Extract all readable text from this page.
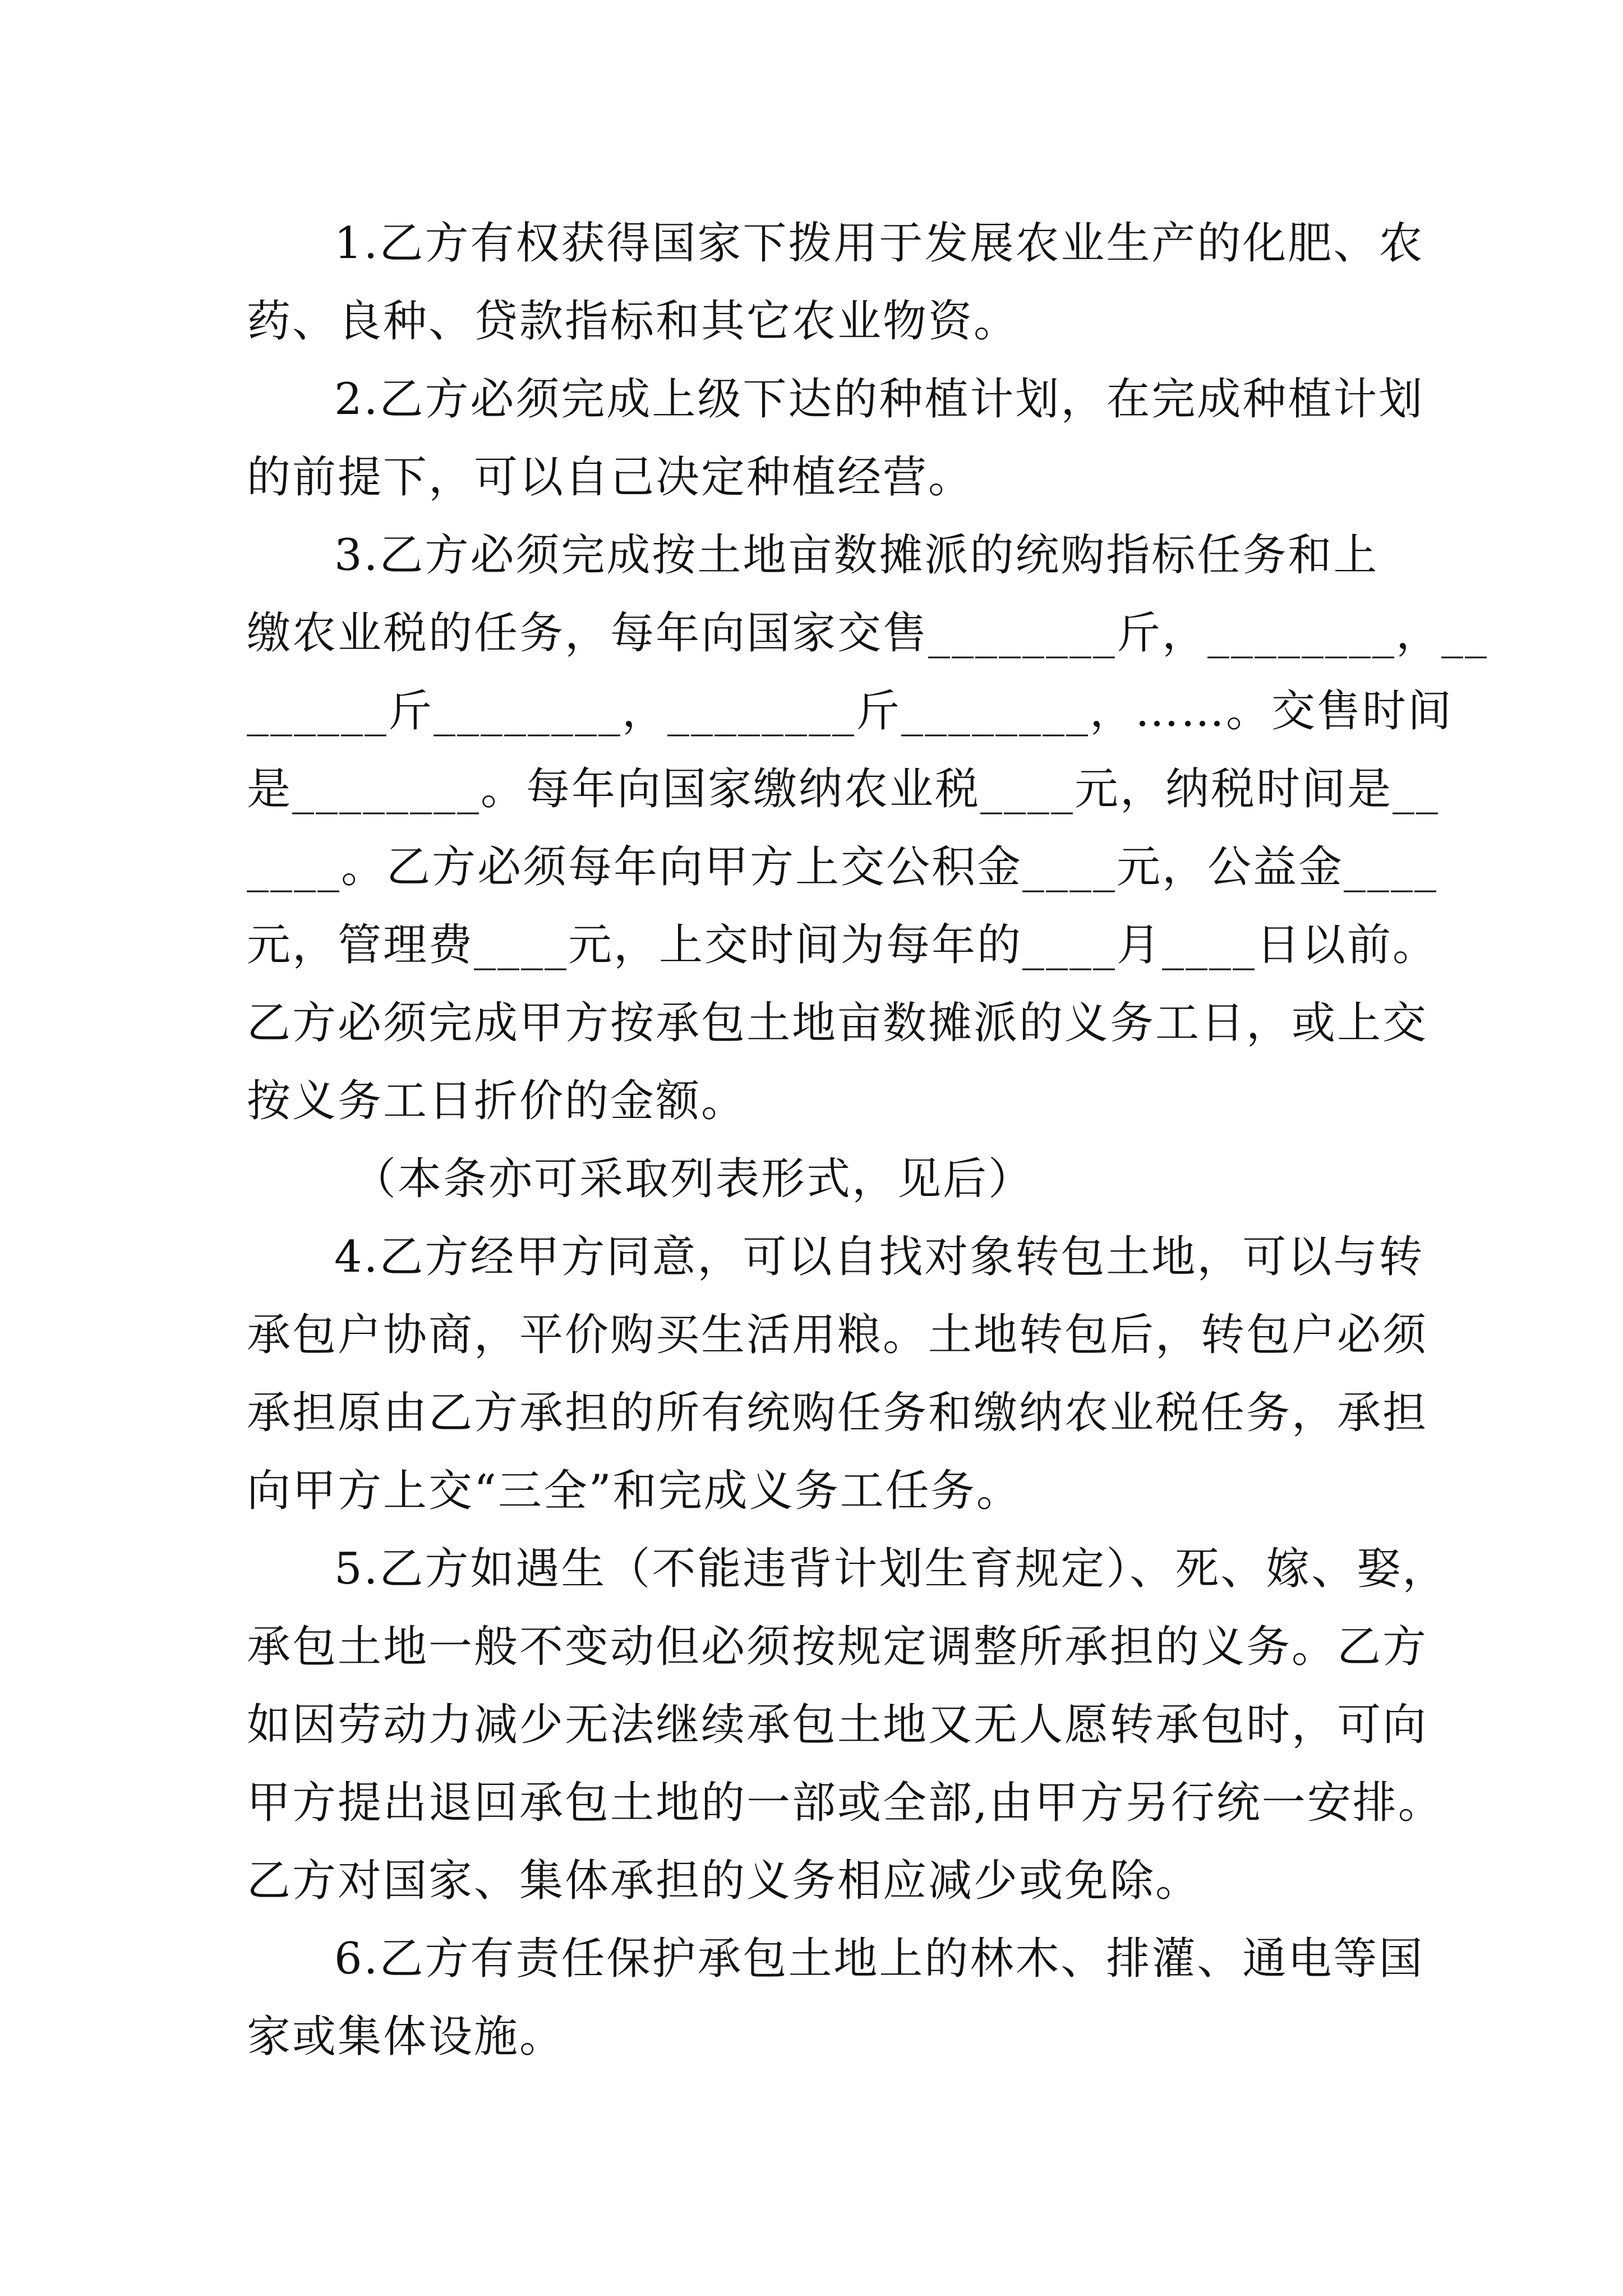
1.乙方有权获得国家下拨用于发展农业生产的化肥、农
药、良种、贷款指标和其它农业物资。
2.乙方必须完成上级下达的种植计划，在完成种植计划
的前提下，可以自己决定种植经营。
3.乙方必须完成按土地亩数摊派的统购指标任务和上
缴农业税的任务，每年向国家交售________斤，________，__
______斤________，________斤________，……。交售时间
是________。每年向国家缴纳农业税____元，纳税时间是__
____。乙方必须每年向甲方上交公积金____元，公益金____
元，管理费____元，上交时间为每年的____月____日以前。
乙方必须完成甲方按承包土地亩数摊派的义务工日，或上交
按义务工日折价的金额。
（本条亦可采取列表形式，见后）
4.乙方经甲方同意，可以自找对象转包土地，可以与转
承包户协商，平价购买生活用粮。土地转包后，转包户必须
承担原由乙方承担的所有统购任务和缴纳农业税任务，承担
向甲方上交“三全”和完成义务工任务。
5.乙方如遇生（不能违背计划生育规定）、死、嫁、娶，
承包土地一般不变动但必须按规定调整所承担的义务。乙方
如因劳动力减少无法继续承包土地又无人愿转承包时，可向
甲方提出退回承包土地的一部或全部,由甲方另行统一安排。
乙方对国家、集体承担的义务相应减少或免除。
6.乙方有责任保护承包土地上的林木、排灌、通电等国
家或集体设施。
